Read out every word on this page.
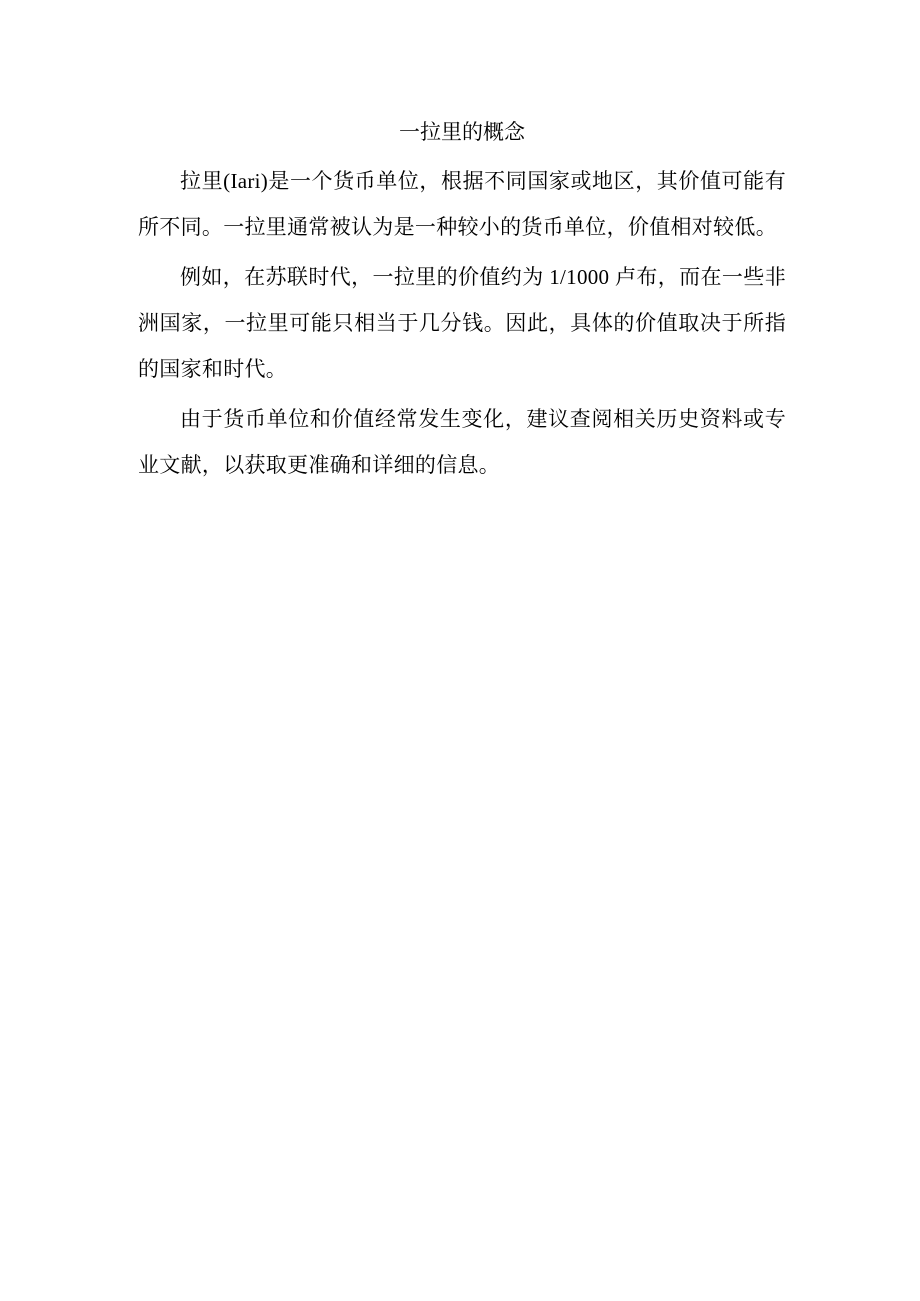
一拉里的概念

拉里(Iari)是一个货币单位，根据不同国家或地区，其价值可能有所不同。一拉里通常被认为是一种较小的货币单位，价值相对较低。

例如，在苏联时代，一拉里的价值约为 1/1000 卢布，而在一些非洲国家，一拉里可能只相当于几分钱。因此，具体的价值取决于所指的国家和时代。

由于货币单位和价值经常发生变化，建议查阅相关历史资料或专业文献，以获取更准确和详细的信息。
